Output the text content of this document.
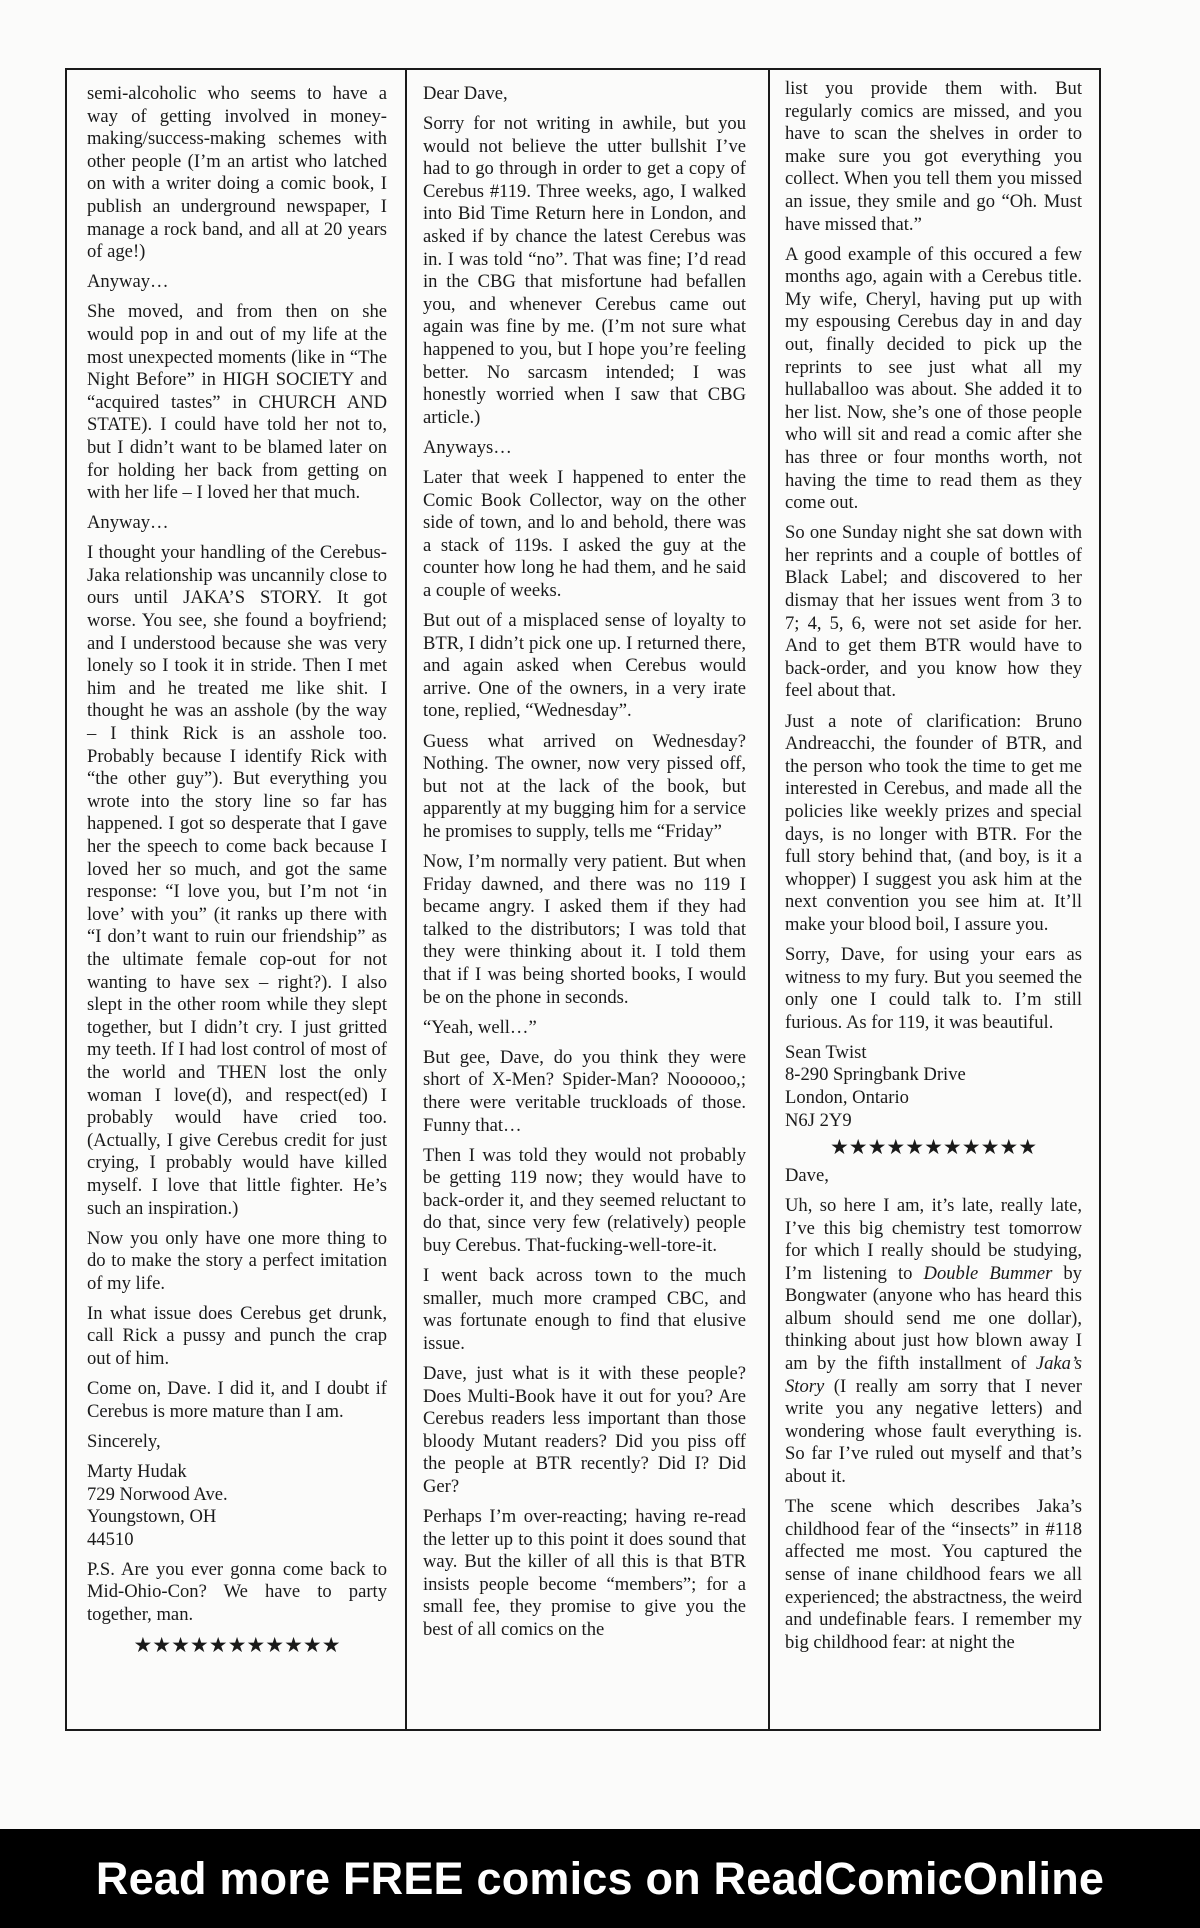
semi-alcoholic who seems to have a way of getting involved in money-making/success-making schemes with other people (I’m an artist who latched on with a writer doing a comic book, I publish an underground newspaper, I manage a rock band, and all at 20 years of age!)

Anyway…

She moved, and from then on she would pop in and out of my life at the most unexpected moments (like in “The Night Before” in HIGH SOCIETY and “acquired tastes” in CHURCH AND STATE). I could have told her not to, but I didn’t want to be blamed later on for holding her back from getting on with her life – I loved her that much.

Anyway…

I thought your handling of the Cerebus-Jaka relationship was uncannily close to ours until JAKA’S STORY. It got worse. You see, she found a boyfriend; and I understood because she was very lonely so I took it in stride. Then I met him and he treated me like shit. I thought he was an asshole (by the way – I think Rick is an asshole too. Probably because I identify Rick with “the other guy”). But everything you wrote into the story line so far has happened. I got so desperate that I gave her the speech to come back because I loved her so much, and got the same response: “I love you, but I’m not ‘in love’ with you” (it ranks up there with “I don’t want to ruin our friendship” as the ultimate female cop-out for not wanting to have sex – right?). I also slept in the other room while they slept together, but I didn’t cry. I just gritted my teeth. If I had lost control of most of the world and THEN lost the only woman I love(d), and respect(ed) I probably would have cried too. (Actually, I give Cerebus credit for just crying, I probably would have killed myself. I love that little fighter. He’s such an inspiration.)

Now you only have one more thing to do to make the story a perfect imitation of my life.

In what issue does Cerebus get drunk, call Rick a pussy and punch the crap out of him.

Come on, Dave. I did it, and I doubt if Cerebus is more mature than I am.

Sincerely,

Marty Hudak

729 Norwood Ave.

Youngstown, OH

44510

P.S. Are you ever gonna come back to Mid-Ohio-Con? We have to party together, man.

★★★★★★★★★★★

Dear Dave,

Sorry for not writing in awhile, but you would not believe the utter bullshit I’ve had to go through in order to get a copy of Cerebus #119. Three weeks, ago, I walked into Bid Time Return here in London, and asked if by chance the latest Cerebus was in. I was told “no”. That was fine; I’d read in the CBG that misfortune had befallen you, and whenever Cerebus came out again was fine by me. (I’m not sure what happened to you, but I hope you’re feeling better. No sarcasm intended; I was honestly worried when I saw that CBG article.)

Anyways…

Later that week I happened to enter the Comic Book Collector, way on the other side of town, and lo and behold, there was a stack of 119s. I asked the guy at the counter how long he had them, and he said a couple of weeks.

But out of a misplaced sense of loyalty to BTR, I didn’t pick one up. I returned there, and again asked when Cerebus would arrive. One of the owners, in a very irate tone, replied, “Wednesday”.

Guess what arrived on Wednesday? Nothing. The owner, now very pissed off, but not at the lack of the book, but apparently at my bugging him for a service he promises to supply, tells me “Friday”

Now, I’m normally very patient. But when Friday dawned, and there was no 119 I became angry. I asked them if they had talked to the distributors; I was told that they were thinking about it. I told them that if I was being shorted books, I would be on the phone in seconds.

“Yeah, well…”

But gee, Dave, do you think they were short of X-Men? Spider-Man? Noooooo,; there were veritable truckloads of those. Funny that…

Then I was told they would not probably be getting 119 now; they would have to back-order it, and they seemed reluctant to do that, since very few (relatively) people buy Cerebus. That-fucking-well-tore-it.

I went back across town to the much smaller, much more cramped CBC, and was fortunate enough to find that elusive issue.

Dave, just what is it with these people? Does Multi-Book have it out for you? Are Cerebus readers less important than those bloody Mutant readers? Did you piss off the people at BTR recently? Did I? Did Ger?

Perhaps I’m over-reacting; having re-read the letter up to this point it does sound that way. But the killer of all this is that BTR insists people become “members”; for a small fee, they promise to give you the best of all comics on the

list you provide them with. But regularly comics are missed, and you have to scan the shelves in order to make sure you got everything you collect. When you tell them you missed an issue, they smile and go “Oh. Must have missed that.”

A good example of this occured a few months ago, again with a Cerebus title. My wife, Cheryl, having put up with my espousing Cerebus day in and day out, finally decided to pick up the reprints to see just what all my hullaballoo was about. She added it to her list. Now, she’s one of those people who will sit and read a comic after she has three or four months worth, not having the time to read them as they come out.

So one Sunday night she sat down with her reprints and a couple of bottles of Black Label; and discovered to her dismay that her issues went from 3 to 7; 4, 5, 6, were not set aside for her. And to get them BTR would have to back-order, and you know how they feel about that.

Just a note of clarification: Bruno Andreacchi, the founder of BTR, and the person who took the time to get me interested in Cerebus, and made all the policies like weekly prizes and special days, is no longer with BTR. For the full story behind that, (and boy, is it a whopper) I suggest you ask him at the next convention you see him at. It’ll make your blood boil, I assure you.

Sorry, Dave, for using your ears as witness to my fury. But you seemed the only one I could talk to. I’m still furious. As for 119, it was beautiful.

Sean Twist

8-290 Springbank Drive

London, Ontario

N6J 2Y9

★★★★★★★★★★★

Dave,

Uh, so here I am, it’s late, really late, I’ve this big chemistry test tomorrow for which I really should be studying, I’m listening to Double Bummer by Bongwater (anyone who has heard this album should send me one dollar), thinking about just how blown away I am by the fifth installment of Jaka’s Story (I really am sorry that I never write you any negative letters) and wondering whose fault everything is. So far I’ve ruled out myself and that’s about it.

The scene which describes Jaka’s childhood fear of the “insects” in #118 affected me most. You captured the sense of inane childhood fears we all experienced; the abstractness, the weird and undefinable fears. I remember my big childhood fear: at night the

Read more FREE comics on ReadComicOnline
